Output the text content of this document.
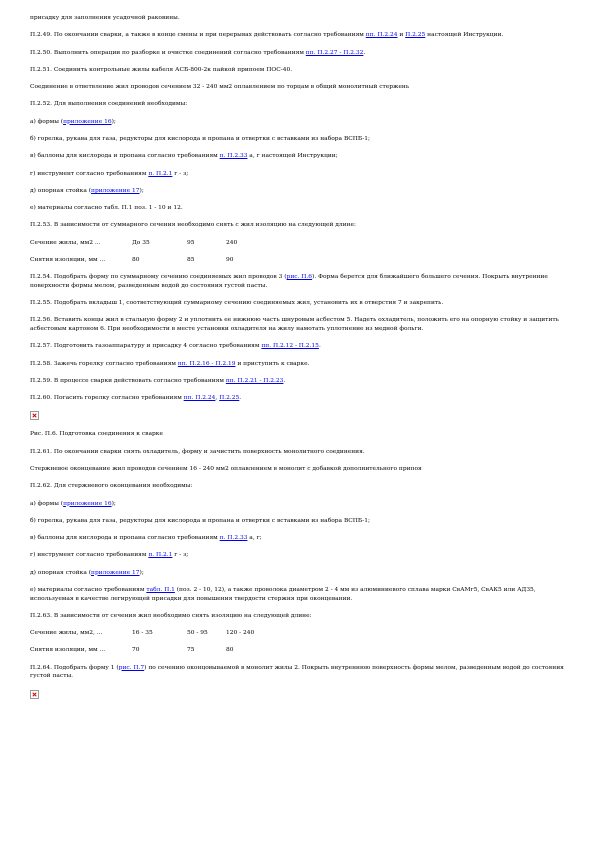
присадку для заполнения усадочной раковины.
П.2.49. По окончании сварки, а также в конце смены и при перерывах действовать согласно требованиям пп. П.2.24 и П.2.25 настоящей Инструкции.
П.2.50. Выполнить операции по разборке и очистке соединений согласно требованиям пп. П.2.27 - П.2.32.
П.2.51. Соединить контрольные жилы кабеля АСБ-800-2к пайкой припоем ПОС-40.
Соединение в ответвление жил проводов сечением 32 - 240 мм2 оплавлением по торцам в общий монолитный стержень
П.2.52. Для выполнения соединений необходимы:
а) формы (приложение 16);
б) горелка, рукава для газа, редукторы для кислорода и пропана и отвертки с вставками из набора ВСПБ-1;
в) баллоны для кислорода и пропана согласно требованиям п. П.2.33 а, г настоящей Инструкции;
г) инструмент согласно требованиям п. П.2.1 г - з;
д) опорная стойка (приложение 17);
е) материалы согласно табл. П.1 поз. 1 - 10 и 12.
П.2.53. В зависимости от суммарного сечения необходимо снять с жил изоляцию на следующей длине:
Сечение жилы, мм2 ...	До 35	95	240
Снятия изоляции, мм ...	80	85	90
П.2.54. Подобрать форму по суммарному сечению соединяемых жил проводов 3 (рис. П.6). Форма берется для ближайшего большего сечения. Покрыть внутренние поверхности формы мелом, разведенным водой до состояния густой пасты.
П.2.55. Подобрать вкладыш 1, соответствующий суммарному сечению соединяемых жил, установить их в отверстия 7 и закрепить.
П.2.56. Вставить концы жил в стальную форму 2 и уплотнить ее нижнюю часть шнуровым асбестом 5. Надеть охладитель, положить его на опорную стойку и защитить асбестовым картоном 6. При необходимости в месте установки охладителя на жилу намотать уплотнение из медной фольги.
П.2.57. Подготовить газоаппаратуру и присадку 4 согласно требованиям пп. П.2.12 - П.2.15.
П.2.58. Зажечь горелку согласно требованиям пп. П.2.16 - П.2.19 и приступить к сварке.
П.2.59. В процессе сварки действовать согласно требованиям пп. П.2.21 - П.2.23.
П.2.60. Погасить горелку согласно требованиям пп. П.2.24, П.2.25.
Рис. П.6. Подготовка соединения к сварке
П.2.61. По окончании сварки снять охладитель, форму и зачистить поверхность монолитного соединения.
Стержневое оконцевание жил проводов сечением 16 - 240 мм2 оплавлением в монолит с добавкой дополнительного припоя
П.2.62. Для стержневого оконцевания необходимы:
а) формы (приложение 16);
б) горелка, рукава для газа, редукторы для кислорода и пропана и отвертки с вставками из набора ВСПБ-1;
в) баллоны для кислорода и пропана согласно требованиям п. П.2.33 а, г;
г) инструмент согласно требованиям п. П.2.1 г - з;
д) опорная стойка (приложение 17);
е) материалы согласно требованиям табл. П.1 (поз. 2 - 10, 12), а также проволока диаметром 2 - 4 мм из алюминиевого сплава марки СвАМг5, СвАК5 или АДЗ5, используемая в качестве легирующей присадки для повышения твердости стержня при оконцевании.
П.2.63. В зависимости от сечения жил необходимо снять изоляцию на следующей длине:
Сечение жилы, мм2, ...	16 - 35	50 - 95	120 - 240
Снятия изоляции, мм ...	70	75	80
П.2.64. Подобрать форму 1 (рис. П.7) по сечению оконцовываемой в монолит жилы 2. Покрыть внутреннюю поверхность формы мелом, разведенным водой до состояния густой пасты.
